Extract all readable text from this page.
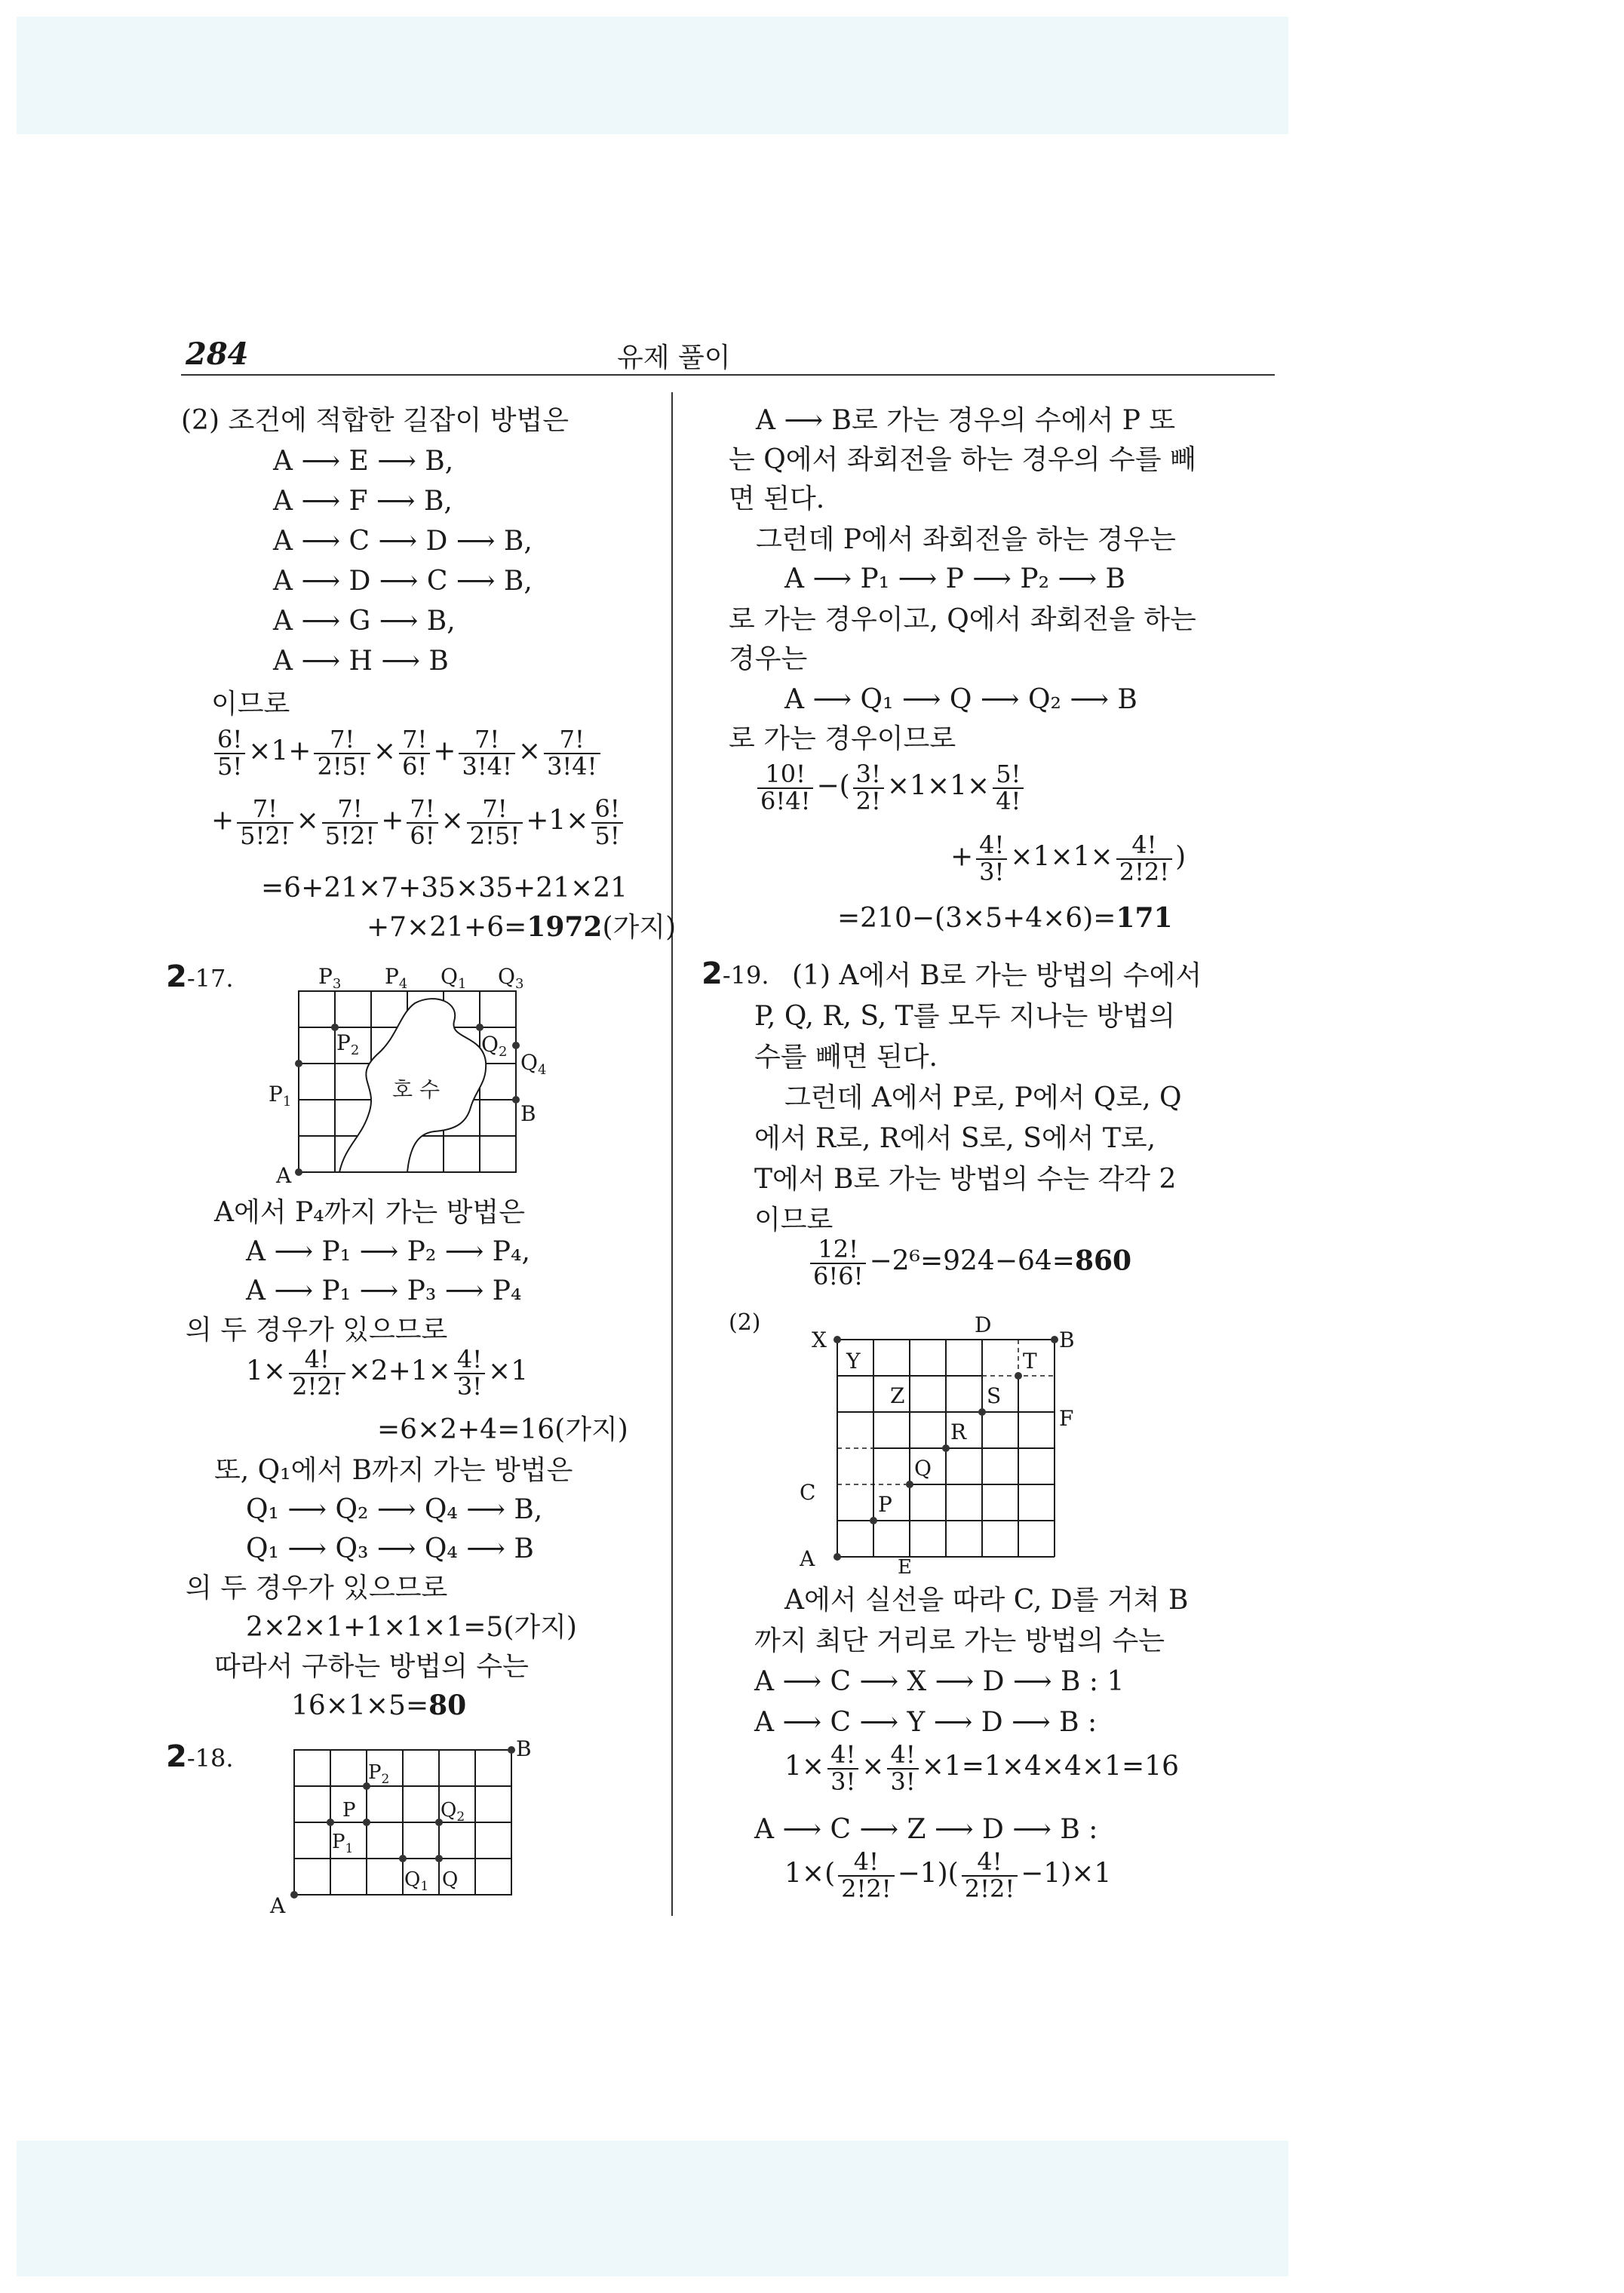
284	유제 풀이
(2) 조건에 적합한 길잡이 방법은
A ⟶ E ⟶ B,
A ⟶ F ⟶ B,
A ⟶ C ⟶ D ⟶ B,
A ⟶ D ⟶ C ⟶ B,
A ⟶ G ⟶ B,
A ⟶ H ⟶ B
이므로
$\frac{6!}{5!} \times 1+ \frac{7!}{2!5!} \times \frac{7!}{6!} + \frac{7!}{3!4!} \times \frac{7!}{3!4!}$
+ $\frac{7!}{5!2!} \times \frac{7!}{5!2!} + \frac{7!}{6!} \times \frac{7!}{2!5!} +1\times \frac{6!}{5!}$
=6+21×7+35×35+21×21
+7×21+6=1972(가지)
2-17.	$P_3$ $P_4$ $Q_1$ $Q_3$
$P_2$	$Q_2$ $Q_4$
$P_1$	B
A
호 수
A에서 P₄까지 가는 방법은
A ⟶ P₁ ⟶ P₂ ⟶ P₄,
A ⟶ P₁ ⟶ P₃ ⟶ P₄
의 두 경우가 있으므로
$1\times \frac{4!}{2!2!} \times 2+1\times \frac{4!}{3!} \times 1$
=6×2+4=16(가지)
또, Q₁에서 B까지 가는 방법은
Q₁ ⟶ Q₂ ⟶ Q₄ ⟶ B,
Q₁ ⟶ Q₃ ⟶ Q₄ ⟶ B
의 두 경우가 있으므로
2×2×1+1×1×1=5(가지)
따라서 구하는 방법의 수는
16×1×5=80
2-18.	B
$P_2$
P	$Q_2$
$P_1$
$Q_1$ Q
A
A ⟶ B로 가는 경우의 수에서 P 또
는 Q에서 좌회전을 하는 경우의 수를 빼
면 된다.
그런데 P에서 좌회전을 하는 경우는
A ⟶ P₁ ⟶ P ⟶ P₂ ⟶ B
로 가는 경우이고, Q에서 좌회전을 하는
경우는
A ⟶ Q₁ ⟶ Q ⟶ Q₂ ⟶ B
로 가는 경우이므로
$\frac{10!}{6!4!}$ −( $\frac{3!}{2!} \times 1\times 1\times \frac{5!}{4!}$
+ $\frac{4!}{3!} \times 1\times 1\times \frac{4!}{2!2!}$ )
=210−(3×5+4×6)=171
2-19. (1) A에서 B로 가는 방법의 수에서
P, Q, R, S, T를 모두 지나는 방법의
수를 빼면 된다.
그런데 A에서 P로, P에서 Q로, Q
에서 R로, R에서 S로, S에서 T로,
T에서 B로 가는 방법의 수는 각각 2
이므로
$\frac{12!}{6!6!} -2^6=924-64=860$
(2)
X
D
B
Y	T
Z	S
F
R
C
Q
P
A	E
A에서 실선을 따라 C, D를 거쳐 B
까지 최단 거리로 가는 방법의 수는
A ⟶ C ⟶ X ⟶ D ⟶ B : 1
A ⟶ C ⟶ Y ⟶ D ⟶ B :
$1\times \frac{4!}{3!} \times \frac{4!}{3!} \times 1=1\times 4\times 4\times 1=16$
A ⟶ C ⟶ Z ⟶ D ⟶ B :
$1\times( \frac{4!}{2!2!} -1)( \frac{4!}{2!2!} -1)\times 1$
